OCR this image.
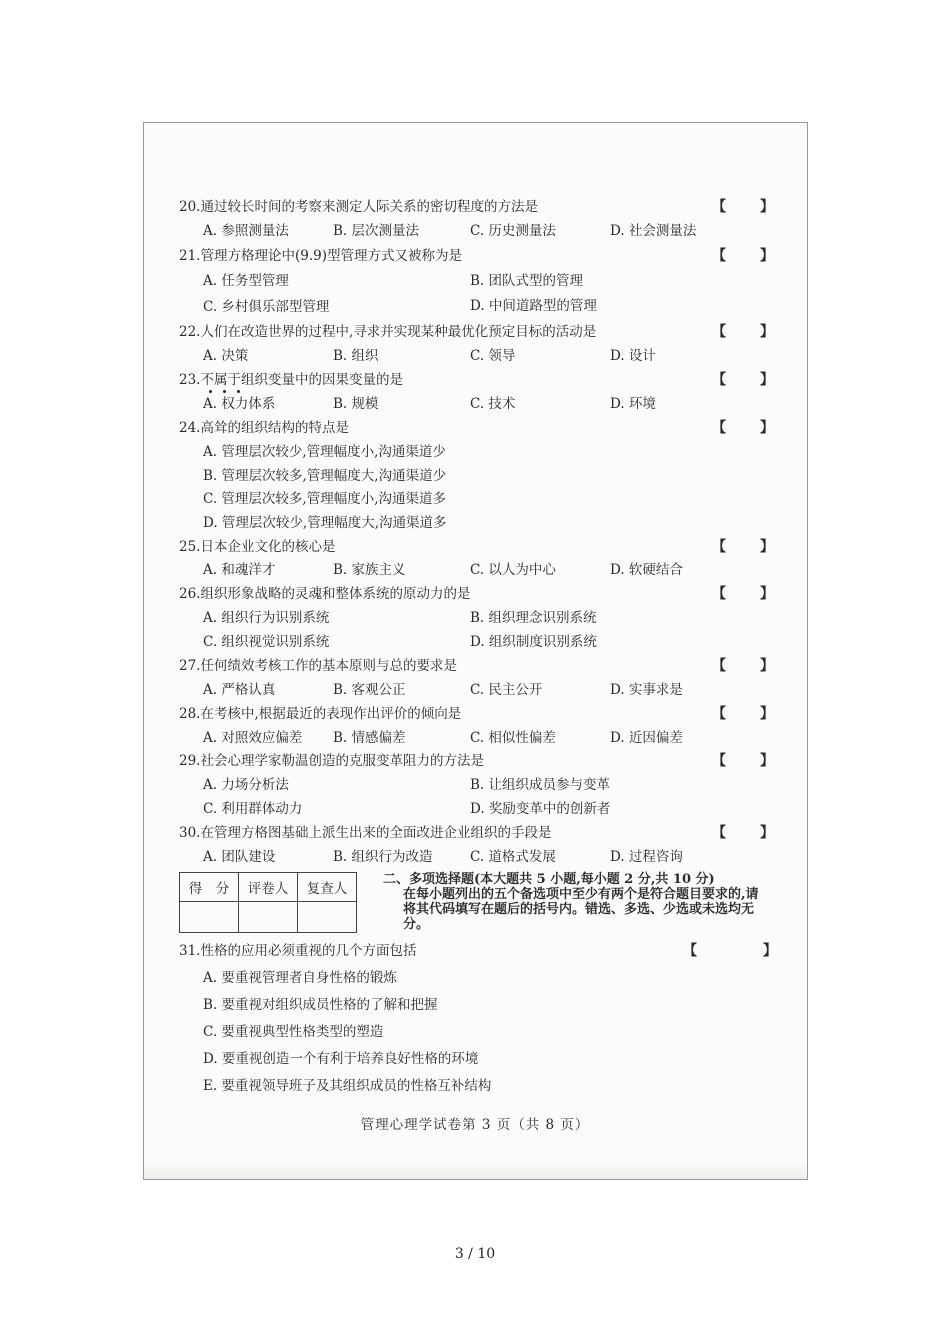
20.通过较长时间的考察来测定人际关系的密切程度的方法是	【 】
A. 参照测量法	B. 层次测量法	C. 历史测量法	D. 社会测量法
21.管理方格理论中(9.9)型管理方式又被称为是	【 】
A. 任务型管理	B. 团队式型的管理
C. 乡村俱乐部型管理	D. 中间道路型的管理
22.人们在改造世界的过程中,寻求并实现某种最优化预定目标的活动是	【 】
A. 决策	B. 组织	C. 领导	D. 设计
23.不属于组织变量中的因果变量的是	【 】
A. 权力体系	B. 规模	C. 技术	D. 环境
24.高耸的组织结构的特点是	【 】
A. 管理层次较少,管理幅度小,沟通渠道少
B. 管理层次较多,管理幅度大,沟通渠道少
C. 管理层次较多,管理幅度小,沟通渠道多
D. 管理层次较少,管理幅度大,沟通渠道多
25.日本企业文化的核心是	【 】
A. 和魂洋才	B. 家族主义	C. 以人为中心	D. 软硬结合
26.组织形象战略的灵魂和整体系统的原动力的是	【 】
A. 组织行为识别系统	B. 组织理念识别系统
C. 组织视觉识别系统	D. 组织制度识别系统
27.任何绩效考核工作的基本原则与总的要求是	【 】
A. 严格认真	B. 客观公正	C. 民主公开	D. 实事求是
28.在考核中,根据最近的表现作出评价的倾向是	【 】
A. 对照效应偏差 B. 情感偏差	C. 相似性偏差	D. 近因偏差
29.社会心理学家勒温创造的克服变革阻力的方法是	【 】
A. 力场分析法	B. 让组织成员参与变革
C. 利用群体动力	D. 奖励变革中的创新者
30.在管理方格图基础上派生出来的全面改进企业组织的手段是	【 】
A. 团队建设	B. 组织行为改造	C. 道格式发展	D. 过程咨询
得　分	评卷人	复查人

二、多项选择题(本大题共 5 小题,每小题 2 分,共 10 分)
在每小题列出的五个备选项中至少有两个是符合题目要求的,请将其代码填写在题后的括号内。错选、多选、少选或未选均无分。
31.性格的应用必须重视的几个方面包括	【	】
A. 要重视管理者自身性格的锻炼
B. 要重视对组织成员性格的了解和把握
C. 要重视典型性格类型的塑造
D. 要重视创造一个有利于培养良好性格的环境
E. 要重视领导班子及其组织成员的性格互补结构
管理心理学试卷第 3 页（共 8 页）
3 / 10
